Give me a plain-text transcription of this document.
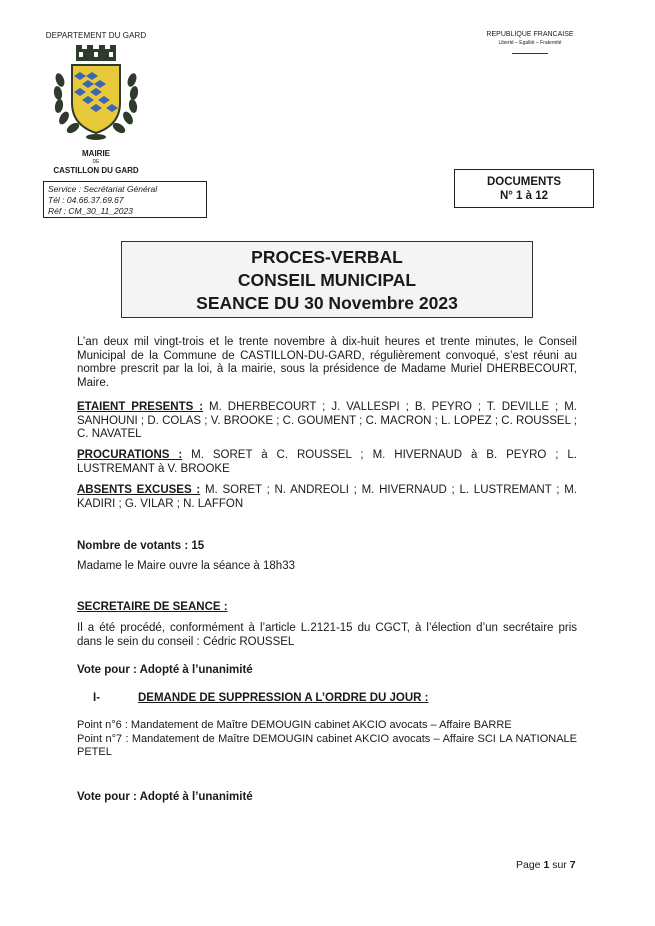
DEPARTEMENT DU GARD
MAIRIE
DE
CASTILLON DU GARD
REPUBLIQUE FRANCAISE
Liberté – Egalité – Fraternité
Service : Secrétariat Général
Tél : 04.66.37.69.67
Réf : CM_30_11_2023
DOCUMENTS
N° 1 à 12
PROCES-VERBAL
CONSEIL MUNICIPAL
SEANCE DU 30 Novembre 2023
L’an deux mil vingt-trois et le trente novembre à dix-huit heures et trente minutes, le Conseil Municipal de la Commune de CASTILLON-DU-GARD, régulièrement convoqué, s’est réuni au nombre prescrit par la loi, à la mairie, sous la présidence de Madame Muriel DHERBECOURT, Maire.
ETAIENT PRESENTS : M. DHERBECOURT ; J. VALLESPI ; B. PEYRO ; T. DEVILLE ; M. SANHOUNI ; D. COLAS ; V. BROOKE ; C. GOUMENT ; C. MACRON ; L. LOPEZ ; C. ROUSSEL ; C. NAVATEL
PROCURATIONS : M. SORET à C. ROUSSEL ; M. HIVERNAUD à B. PEYRO ; L. LUSTREMANT à V. BROOKE
ABSENTS EXCUSES : M. SORET ; N. ANDREOLI ; M. HIVERNAUD ; L. LUSTREMANT ; M. KADIRI ; G. VILAR ; N. LAFFON
Nombre de votants : 15
Madame le Maire ouvre la séance à 18h33
SECRETAIRE DE SEANCE :
Il a été procédé, conformément à l’article L.2121-15 du CGCT, à l’élection d’un secrétaire pris dans le sein du conseil : Cédric ROUSSEL
Vote pour : Adopté à l’unanimité
I-	DEMANDE DE SUPPRESSION A L’ORDRE DU JOUR :
Point n°6 : Mandatement de Maître DEMOUGIN cabinet AKCIO avocats – Affaire BARRE
Point n°7 : Mandatement de Maître DEMOUGIN cabinet AKCIO avocats – Affaire SCI LA NATIONALE PETEL
Vote pour : Adopté à l’unanimité
Page 1 sur 7
